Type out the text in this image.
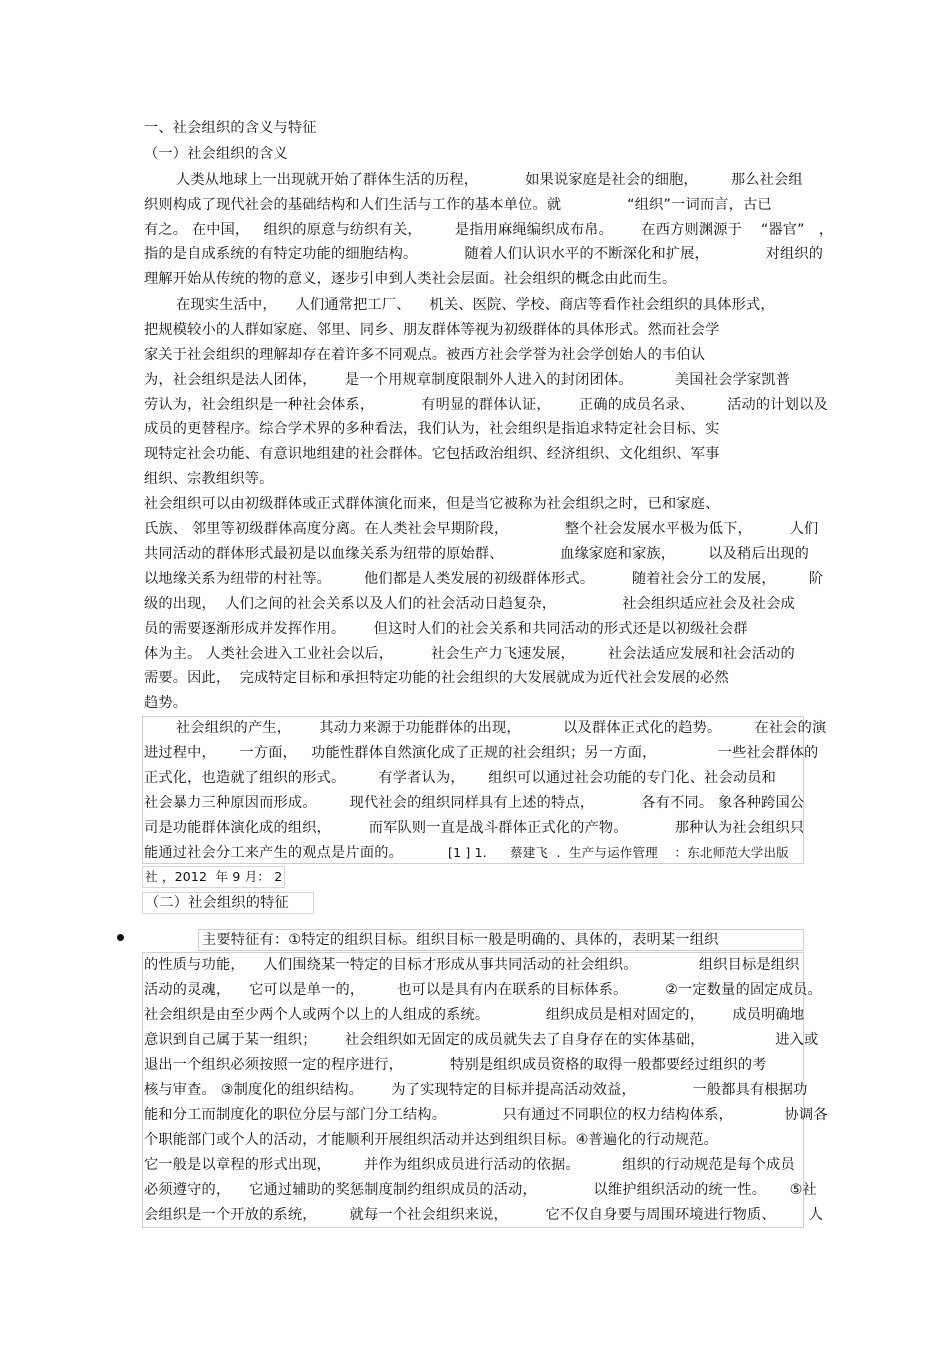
一、社会组织的含义与特征
（一）社会组织的含义
人类从地球上一出现就开始了群体生活的历程，          如果说家庭是社会的细胞，       那么社会组
织则构成了现代社会的基础结构和人们生活与工作的基本单位。就              “组织”一词而言，古已
有之。 在中国，   组织的原意与纺织有关，       是指用麻绳编织成布帛。      在西方则渊源于    “器官”   ，
指的是自成系统的有特定功能的细胞结构。          随着人们认识水平的不断深化和扩展，            对组织的
理解开始从传统的物的意义，逐步引申到人类社会层面。社会组织的概念由此而生。
在现实生活中，    人们通常把工厂、    机关、医院、学校、商店等看作社会组织的具体形式，
把规模较小的人群如家庭、邻里、同乡、朋友群体等视为初级群体的具体形式。然而社会学
家关于社会组织的理解却存在着许多不同观点。被西方社会学誉为社会学创始人的韦伯认
为，社会组织是法人团体，      是一个用规章制度限制外人进入的封闭团体。         美国社会学家凯普
劳认为，社会组织是一种社会体系，          有明显的群体认证，      正确的成员名录、       活动的计划以及
成员的更替程序。综合学术界的多种看法，我们认为，社会组织是指追求特定社会目标、实
现特定社会功能、有意识地组建的社会群体。它包括政治组织、经济组织、文化组织、军事
组织、宗教组织等。
社会组织可以由初级群体或正式群体演化而来，但是当它被称为社会组织之时，已和家庭、
氏族、 邻里等初级群体高度分离。在人类社会早期阶段，            整个社会发展水平极为低下，        人们
共同活动的群体形式最初是以血缘关系为纽带的原始群、            血缘家庭和家族，       以及稍后出现的
以地缘关系为纽带的村社等。       他们都是人类发展的初级群体形式。        随着社会分工的发展，       阶
级的出现，  人们之间的社会关系以及人们的社会活动日趋复杂，              社会组织适应社会及社会成
员的需要逐渐形成并发挥作用。      但这时人们的社会关系和共同活动的形式还是以初级社会群
体为主。 人类社会进入工业社会以后，        社会生产力飞速发展，       社会法适应发展和社会活动的
需要。因此，  完成特定目标和承担特定功能的社会组织的大发展就成为近代社会发展的必然
趋势。
社会组织的产生，      其动力来源于功能群体的出现，         以及群体正式化的趋势。       在社会的演
进过程中，     一方面，   功能性群体自然演化成了正规的社会组织；另一方面，             一些社会群体的
正式化，也造就了组织的形式。       有学者认为，     组织可以通过社会功能的专门化、社会动员和
社会暴力三种原因而形成。       现代社会的组织同样具有上述的特点，          各有不同。 象各种跨国公
司是功能群体演化成的组织，        而军队则一直是战斗群体正式化的产物。          那种认为社会组织只
能通过社会分工来产生的观点是片面的。	[1 ] 1. 蔡建飞  .  生产与运作管理    ：东北师范大学出版
社 ，2012  年 9 月： 2
（二）社会组织的特征
主要特征有：①特定的组织目标。组织目标一般是明确的、具体的，表明某一组织
的性质与功能，    人们围绕某一特定的目标才形成从事共同活动的社会组织。             组织目标是组织
活动的灵魂，    它可以是单一的，       也可以是具有内在联系的目标体系。        ②一定数量的固定成员。
社会组织是由至少两个人或两个以上的人组成的系统。            组织成员是相对固定的，      成员明确地
意识到自己属于某一组织；      社会组织如无固定的成员就失去了自身存在的实体基础，               进入或
退出一个组织必须按照一定的程序进行，          特别是组织成员资格的取得一般都要经过组织的考
核与审查。 ③制度化的组织结构。      为了实现特定的目标并提高活动效益，            一般都具有根据功
能和分工而制度化的职位分层与部门分工结构。            只有通过不同职位的权力结构体系，           协调各
个职能部门或个人的活动，才能顺利开展组织活动并达到组织目标。④普遍化的行动规范。
它一般是以章程的形式出现，       并作为组织成员进行活动的依据。         组织的行动规范是每个成员
必须遵守的，    它通过辅助的奖惩制度制约组织成员的活动，            以维护组织活动的统一性。     ⑤社
会组织是一个开放的系统，       就每一个社会组织来说，        它不仅自身要与周围环境进行物质、       人
